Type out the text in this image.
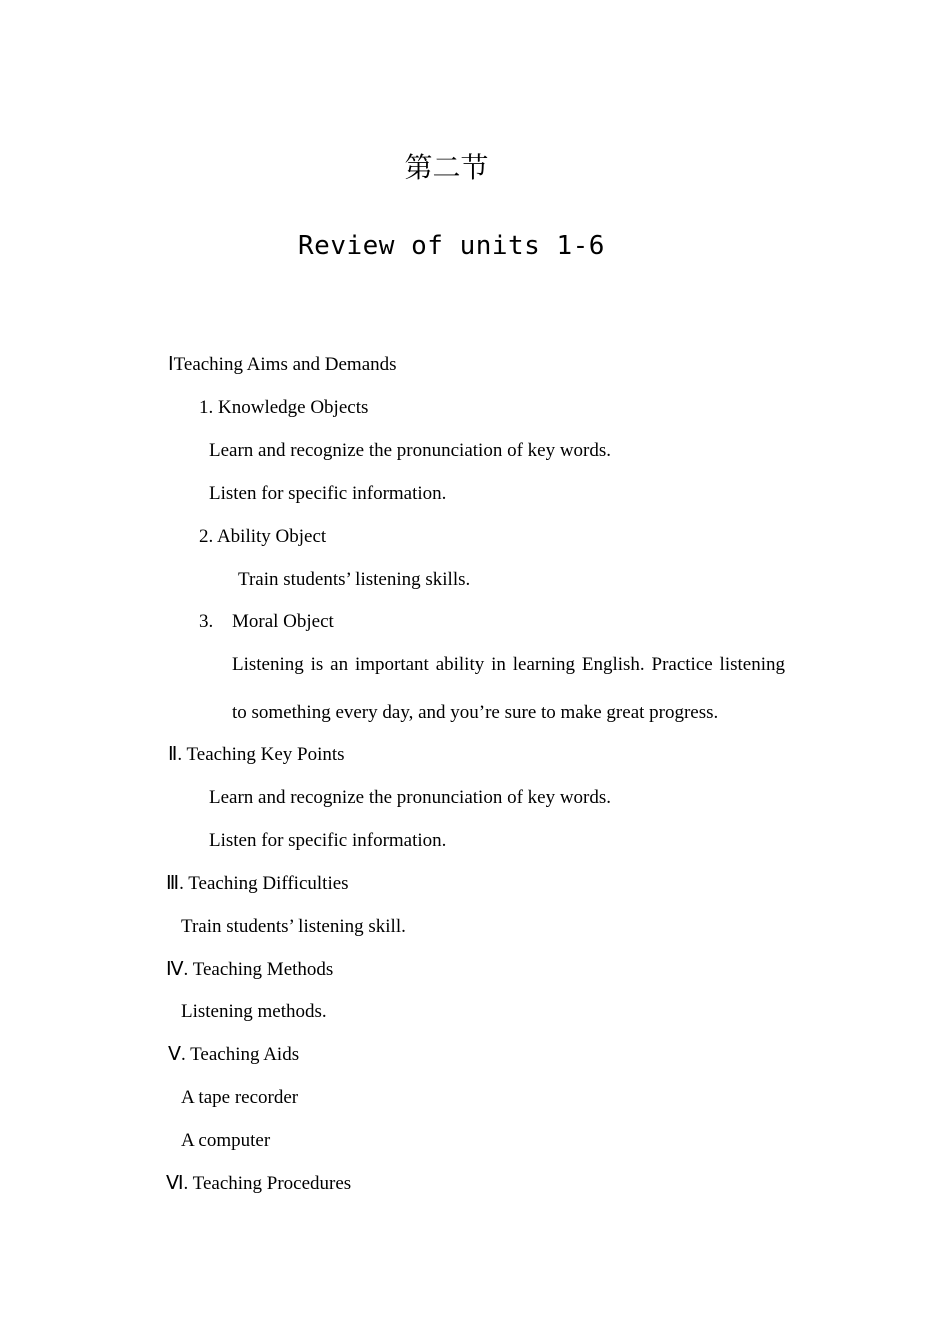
第二节
Review of units 1-6
ⅠTeaching Aims and Demands
1. Knowledge Objects
Learn and recognize the pronunciation of key words.
Listen for specific information.
2. Ability Object
Train students’ listening skills.
3. Moral Object
Listening is an important ability in learning English. Practice listening to something every day, and you’re sure to make great progress.
Ⅱ. Teaching Key Points
Learn and recognize the pronunciation of key words.
Listen for specific information.
Ⅲ. Teaching Difficulties
Train students’ listening skill.
Ⅳ. Teaching Methods
Listening methods.
Ⅴ. Teaching Aids
A tape recorder
A computer
Ⅵ. Teaching Procedures
